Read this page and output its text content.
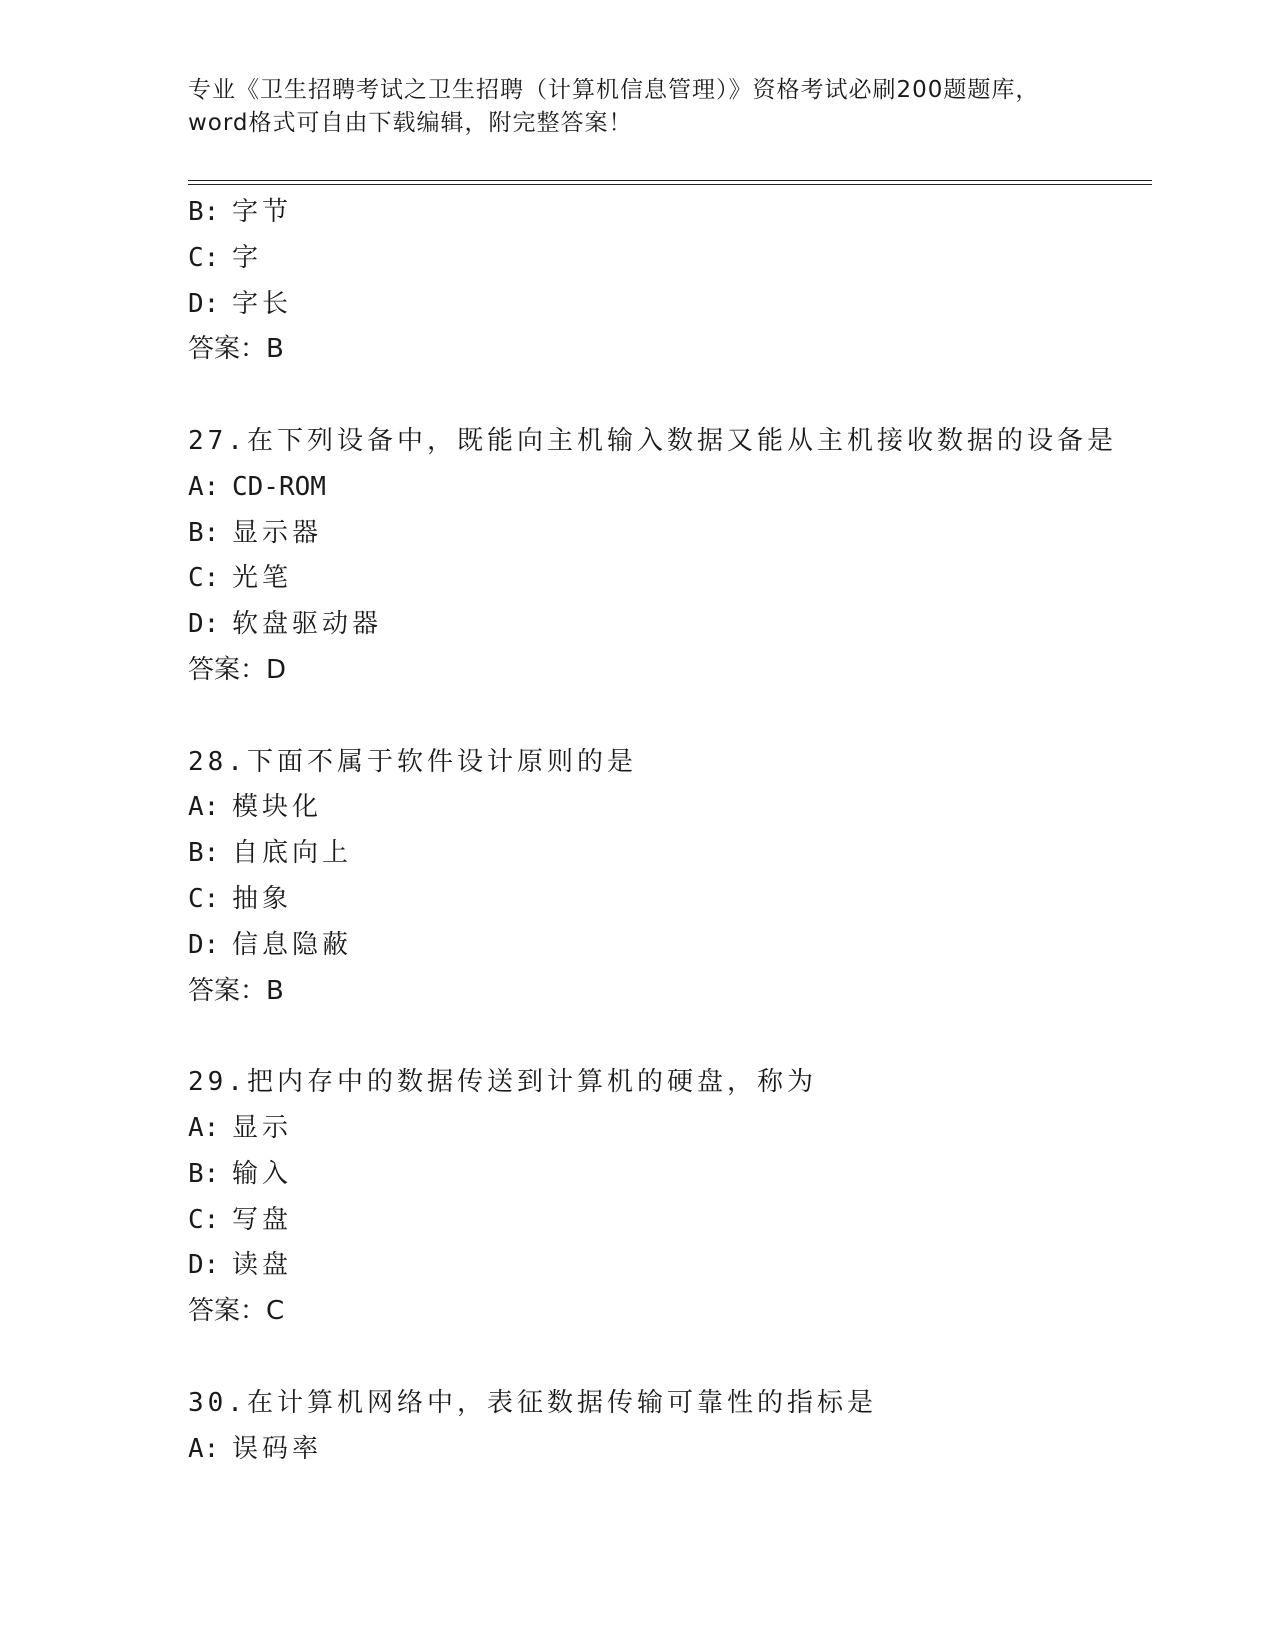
专业《卫生招聘考试之卫生招聘（计算机信息管理）》资格考试必刷200题题库，
word格式可自由下载编辑，附完整答案！
B: 字节
C: 字
D: 字长
答案：B
27.在下列设备中，既能向主机输入数据又能从主机接收数据的设备是
A: CD-ROM
B: 显示器
C: 光笔
D: 软盘驱动器
答案：D
28.下面不属于软件设计原则的是
A: 模块化
B: 自底向上
C: 抽象
D: 信息隐蔽
答案：B
29.把内存中的数据传送到计算机的硬盘，称为
A: 显示
B: 输入
C: 写盘
D: 读盘
答案：C
30.在计算机网络中，表征数据传输可靠性的指标是
A: 误码率
